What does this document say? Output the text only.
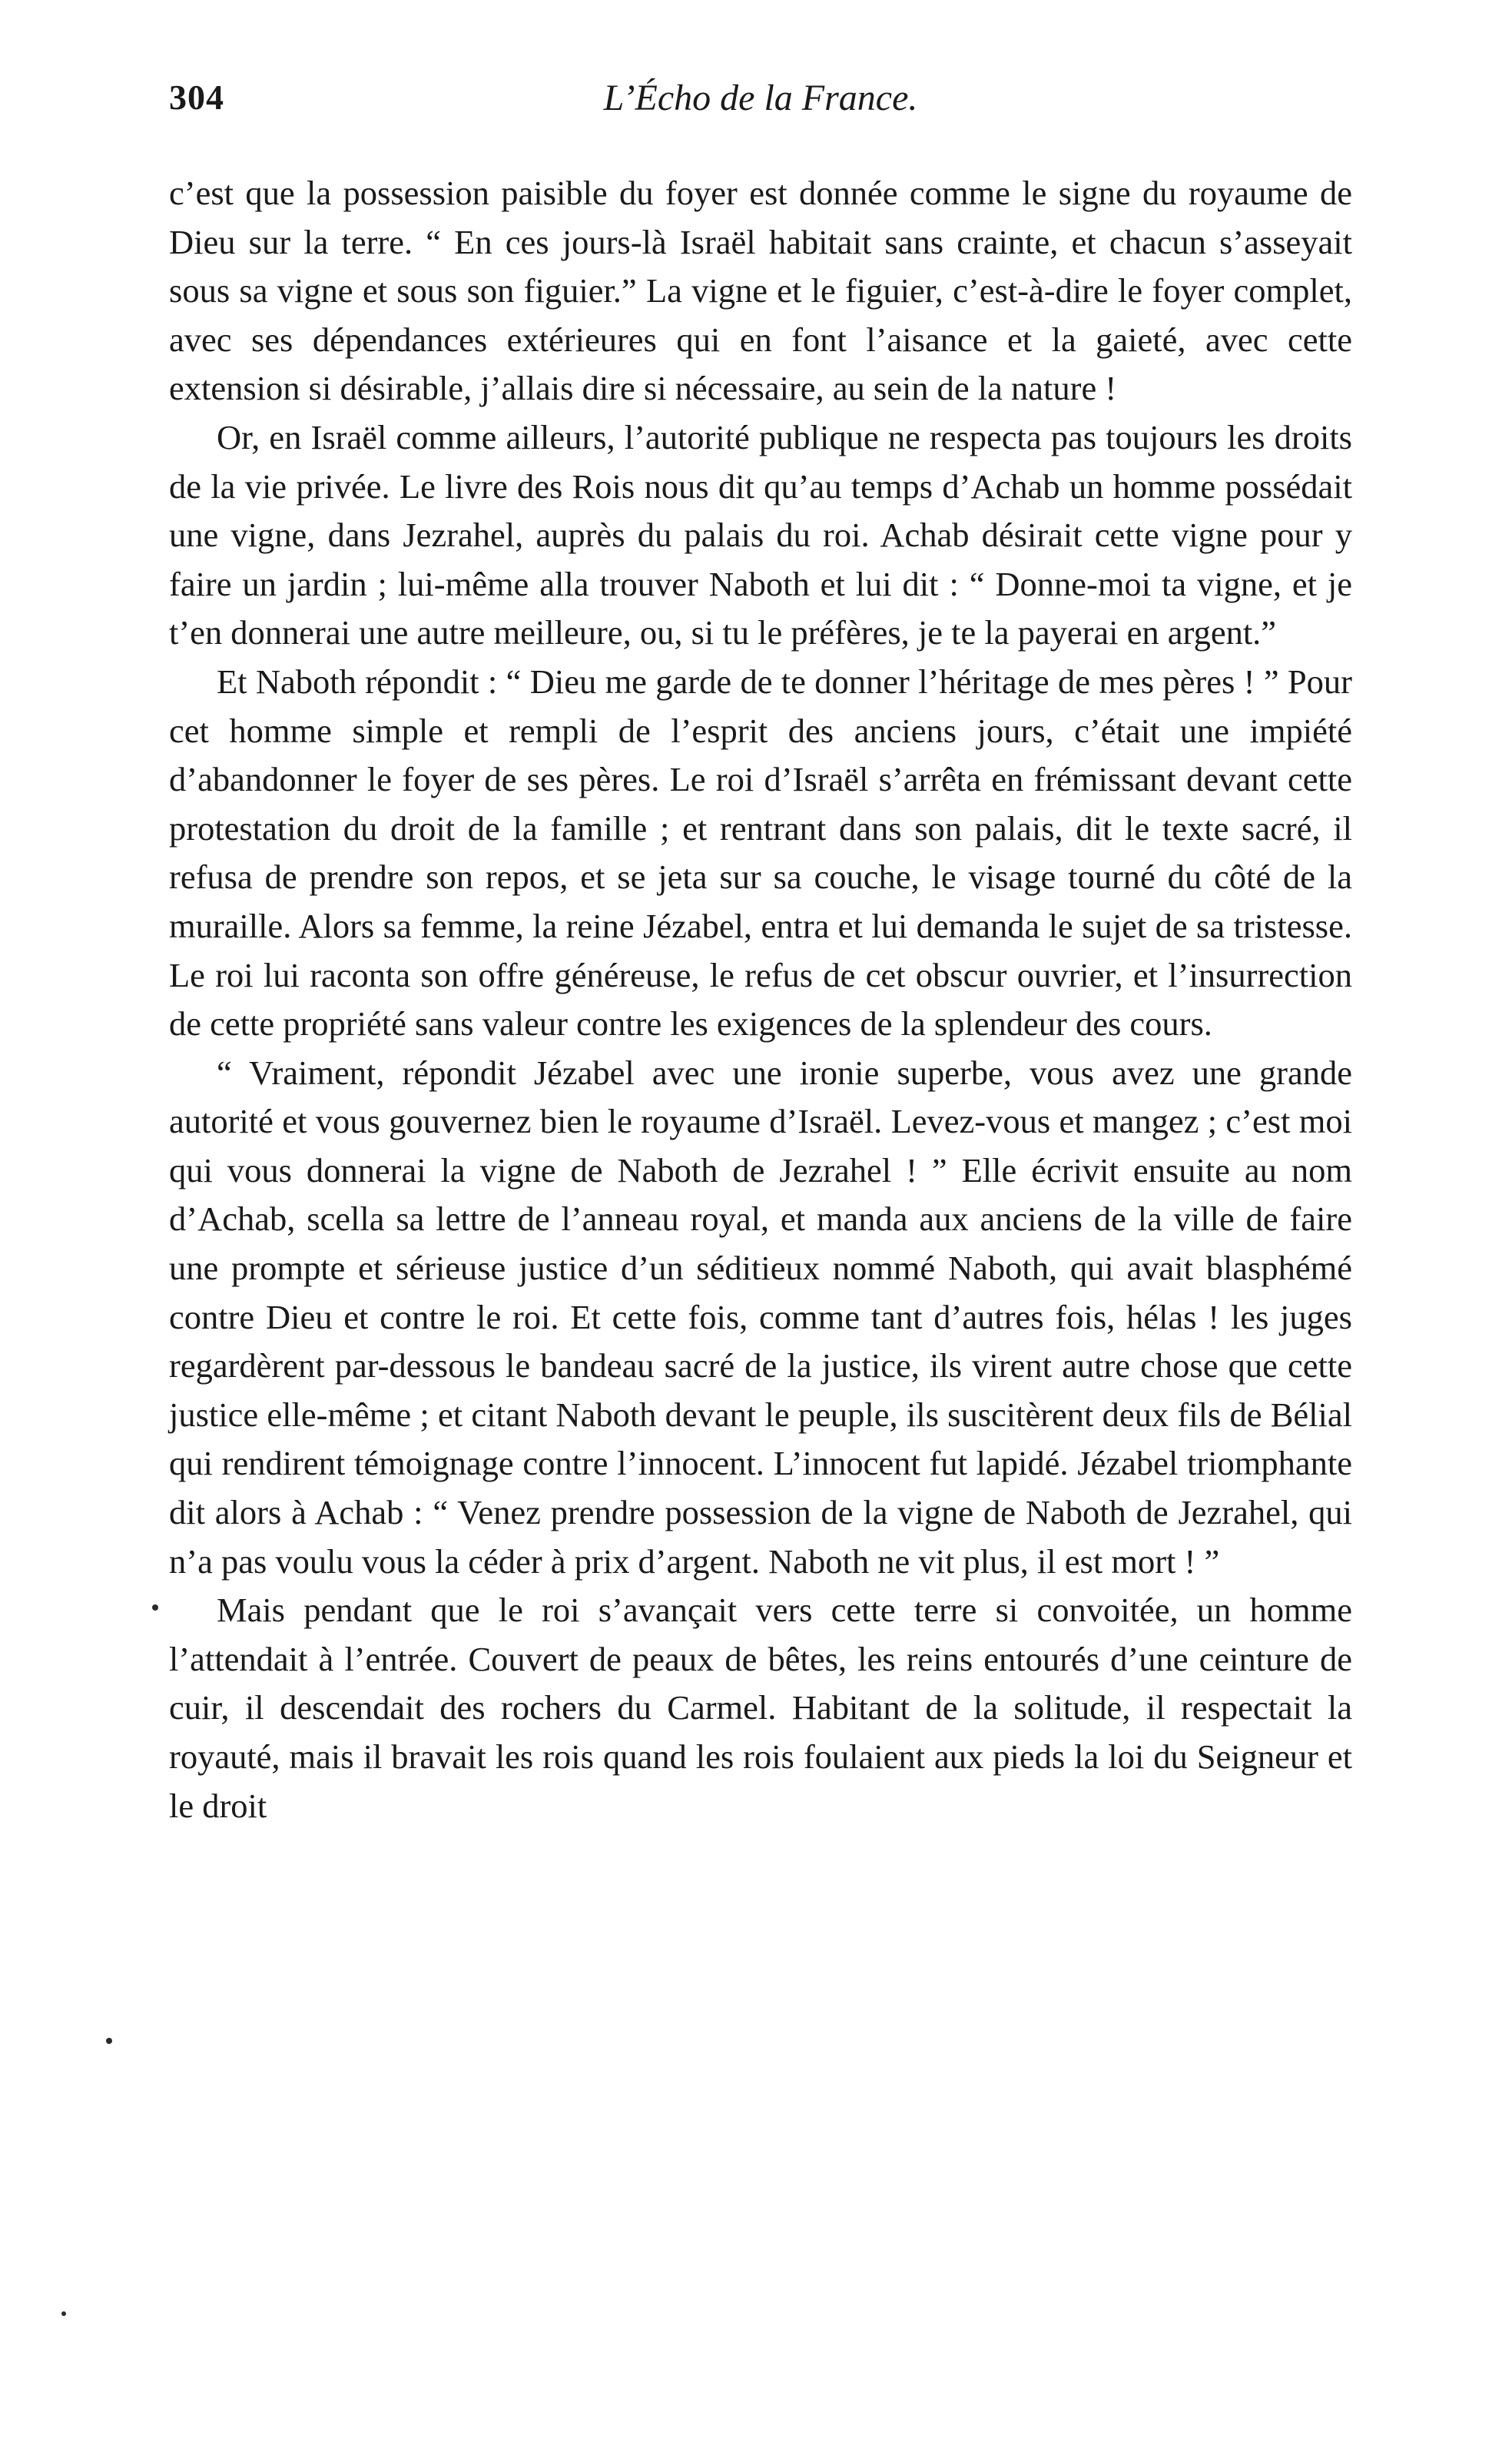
304	L’Écho de la France.

c’est que la possession paisible du foyer est donnée comme le signe du royaume de Dieu sur la terre. “ En ces jours-là Israël habitait sans crainte, et chacun s’asseyait sous sa vigne et sous son figuier.” La vigne et le figuier, c’est-à-dire le foyer complet, avec ses dépendances extérieures qui en font l’aisance et la gaieté, avec cette extension si désirable, j’allais dire si nécessaire, au sein de la nature !

Or, en Israël comme ailleurs, l’autorité publique ne respecta pas toujours les droits de la vie privée. Le livre des Rois nous dit qu’au temps d’Achab un homme possédait une vigne, dans Jezrahel, auprès du palais du roi. Achab désirait cette vigne pour y faire un jardin ; lui-même alla trouver Naboth et lui dit : “ Donne-moi ta vigne, et je t’en donnerai une autre meilleure, ou, si tu le préfères, je te la payerai en argent.”

Et Naboth répondit : “ Dieu me garde de te donner l’héritage de mes pères ! ” Pour cet homme simple et rempli de l’esprit des anciens jours, c’était une impiété d’abandonner le foyer de ses pères. Le roi d’Israël s’arrêta en frémissant devant cette protestation du droit de la famille ; et rentrant dans son palais, dit le texte sacré, il refusa de prendre son repos, et se jeta sur sa couche, le visage tourné du côté de la muraille. Alors sa femme, la reine Jézabel, entra et lui demanda le sujet de sa tristesse. Le roi lui raconta son offre généreuse, le refus de cet obscur ouvrier, et l’insurrection de cette propriété sans valeur contre les exigences de la splendeur des cours.

“ Vraiment, répondit Jézabel avec une ironie superbe, vous avez une grande autorité et vous gouvernez bien le royaume d’Israël. Levez-vous et mangez ; c’est moi qui vous donnerai la vigne de Naboth de Jezrahel ! ” Elle écrivit ensuite au nom d’Achab, scella sa lettre de l’anneau royal, et manda aux anciens de la ville de faire une prompte et sérieuse justice d’un séditieux nommé Naboth, qui avait blasphémé contre Dieu et contre le roi. Et cette fois, comme tant d’autres fois, hélas ! les juges regardèrent par-dessous le bandeau sacré de la justice, ils virent autre chose que cette justice elle-même ; et citant Naboth devant le peuple, ils suscitèrent deux fils de Bélial qui rendirent témoignage contre l’innocent. L’innocent fut lapidé. Jézabel triomphante dit alors à Achab : “ Venez prendre possession de la vigne de Naboth de Jezrahel, qui n’a pas voulu vous la céder à prix d’argent. Naboth ne vit plus, il est mort ! ”

Mais pendant que le roi s’avançait vers cette terre si convoitée, un homme l’attendait à l’entrée. Couvert de peaux de bêtes, les reins entourés d’une ceinture de cuir, il descendait des rochers du Carmel. Habitant de la solitude, il respectait la royauté, mais il bravait les rois quand les rois foulaient aux pieds la loi du Seigneur et le droit
